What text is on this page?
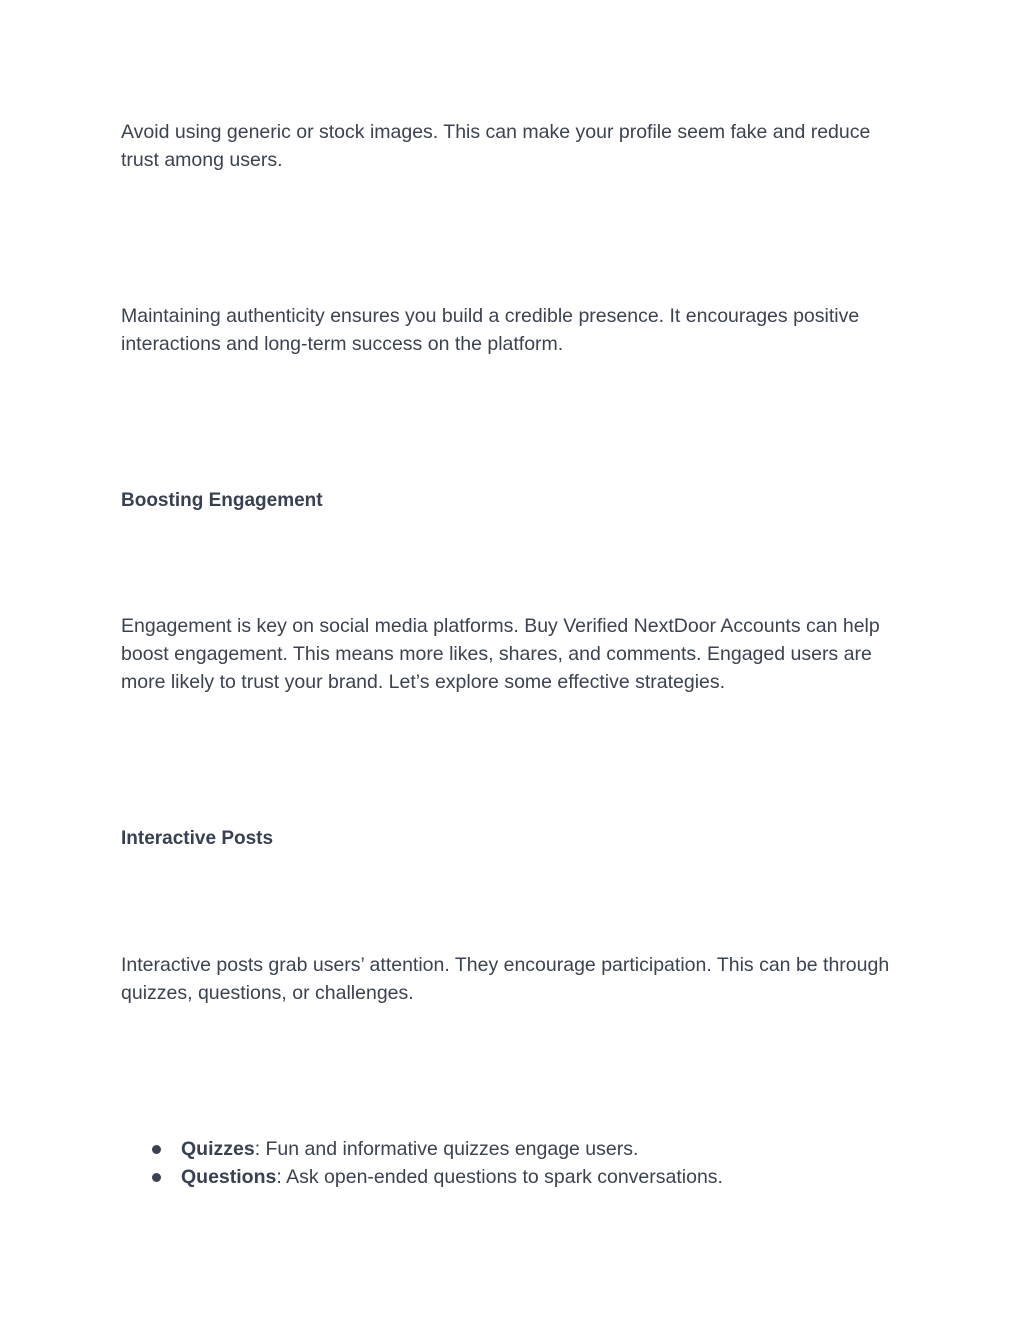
Avoid using generic or stock images. This can make your profile seem fake and reduce trust among users.

Maintaining authenticity ensures you build a credible presence. It encourages positive interactions and long-term success on the platform.

Boosting Engagement

Engagement is key on social media platforms. Buy Verified NextDoor Accounts can help boost engagement. This means more likes, shares, and comments. Engaged users are more likely to trust your brand. Let’s explore some effective strategies.

Interactive Posts

Interactive posts grab users’ attention. They encourage participation. This can be through quizzes, questions, or challenges.

Quizzes: Fun and informative quizzes engage users.
Questions: Ask open-ended questions to spark conversations.
